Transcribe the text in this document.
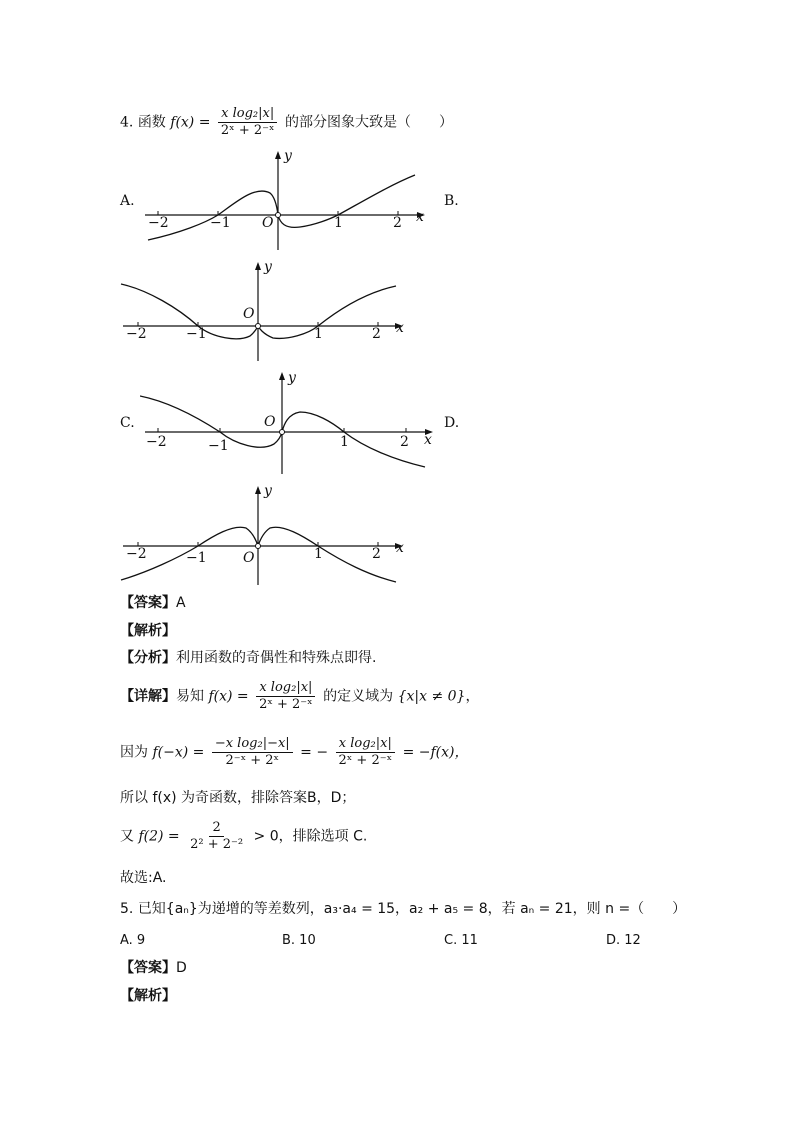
4. 函数 $f(x) = \frac{\text{x log₂|x|}}{\text{2ˣ + 2⁻ˣ}}$ 的部分图象大致是（　　）
A.
y
x
O
−2	−1	1	2
B.
y
x
O
−2	−1	1	2
C.
y
x
O
−2	−1	1	2
D.
y
x
O
−2	−1	1	2
【答案】A
【解析】
【分析】利用函数的奇偶性和特殊点即得.
【详解】易知 $f(x) = \frac{\text{x log₂|x|}}{\text{2ˣ + 2⁻ˣ}}$ 的定义域为 {x|x ≠ 0}，
因为 $f(-x) = \frac{\text{−x log₂|−x|}}{\text{2⁻ˣ + 2ˣ}}$ = − $\frac{\text{x log₂|x|}}{\text{2ˣ + 2⁻ˣ}} = -f(x)$，
所以 f(x) 为奇函数，排除答案B，D；
又 $f(2) = \frac{2}{\text{2² + 2⁻²}} > 0$，排除选项 C.
故选:A.
5. 已知{aₙ}为递增的等差数列，a₃·a₄ = 15，a₂ + a₅ = 8，若 aₙ = 21，则 n =（　　）
A. 9	B. 10	C. 11	D. 12
【答案】D
【解析】
